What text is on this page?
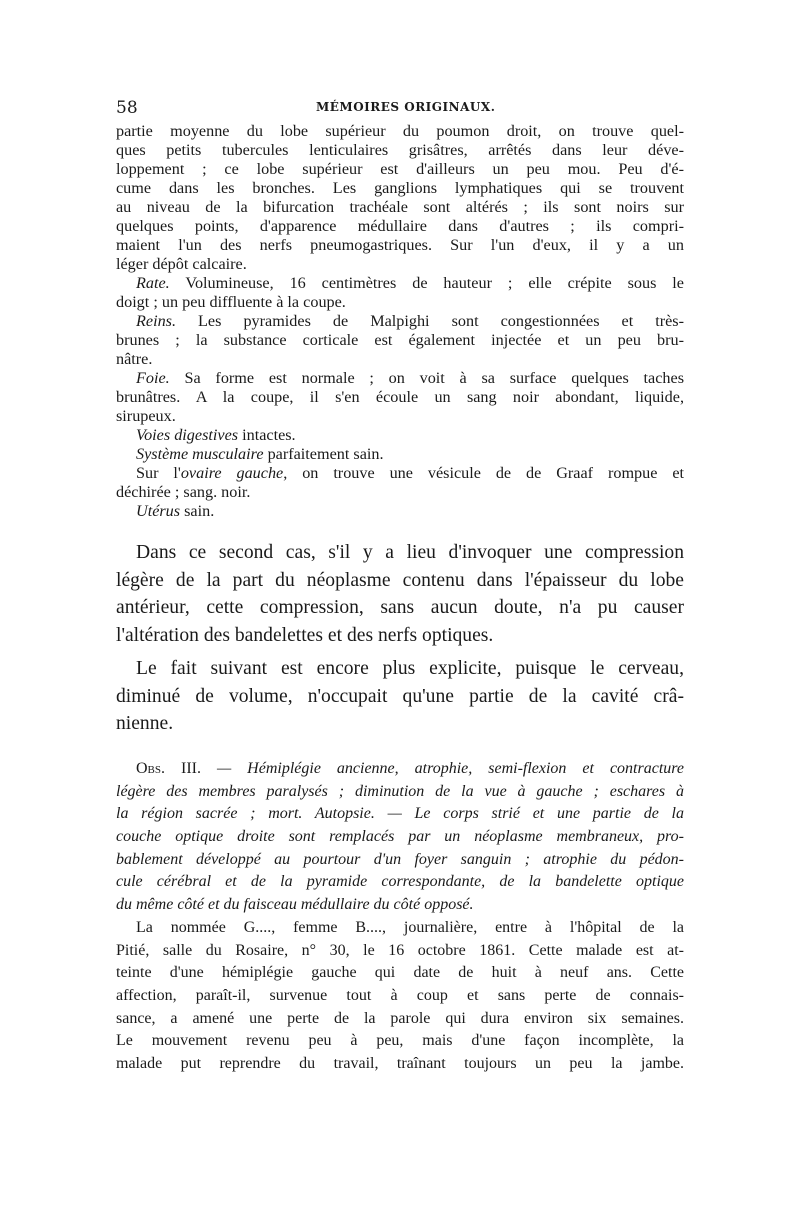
58	MÉMOIRES ORIGINAUX.
partie moyenne du lobe supérieur du poumon droit, on trouve quel-
ques petits tubercules lenticulaires grisâtres, arrêtés dans leur déve-
loppement ; ce lobe supérieur est d'ailleurs un peu mou. Peu d'é-
cume dans les bronches. Les ganglions lymphatiques qui se trouvent
au niveau de la bifurcation trachéale sont altérés ; ils sont noirs sur
quelques points, d'apparence médullaire dans d'autres ; ils compri-
maient l'un des nerfs pneumogastriques. Sur l'un d'eux, il y a un
léger dépôt calcaire.
Rate. Volumineuse, 16 centimètres de hauteur ; elle crépite sous le
doigt ; un peu diffluente à la coupe.
Reins. Les pyramides de Malpighi sont congestionnées et très-
brunes ; la substance corticale est également injectée et un peu bru-
nâtre.
Foie. Sa forme est normale ; on voit à sa surface quelques taches
brunâtres. A la coupe, il s'en écoule un sang noir abondant, liquide,
sirupeux.
Voies digestives intactes.
Système musculaire parfaitement sain.
Sur l'ovaire gauche, on trouve une vésicule de de Graaf rompue et
déchirée ; sang. noir.
Utérus sain.
Dans ce second cas, s'il y a lieu d'invoquer une compression
légère de la part du néoplasme contenu dans l'épaisseur du lobe
antérieur, cette compression, sans aucun doute, n'a pu causer
l'altération des bandelettes et des nerfs optiques.
Le fait suivant est encore plus explicite, puisque le cerveau,
diminué de volume, n'occupait qu'une partie de la cavité crâ-
nienne.
Obs. III. — Hémiplégie ancienne, atrophie, semi-flexion et contracture
légère des membres paralysés ; diminution de la vue à gauche ; eschares à
la région sacrée ; mort. Autopsie. — Le corps strié et une partie de la
couche optique droite sont remplacés par un néoplasme membraneux, pro-
bablement développé au pourtour d'un foyer sanguin ; atrophie du pédon-
cule cérébral et de la pyramide correspondante, de la bandelette optique
du même côté et du faisceau médullaire du côté opposé.
La nommée G...., femme B...., journalière, entre à l'hôpital de la
Pitié, salle du Rosaire, n° 30, le 16 octobre 1861. Cette malade est at-
teinte d'une hémiplégie gauche qui date de huit à neuf ans. Cette
affection, paraît-il, survenue tout à coup et sans perte de connais-
sance, a amené une perte de la parole qui dura environ six semaines.
Le mouvement revenu peu à peu, mais d'une façon incomplète, la
malade put reprendre du travail, traînant toujours un peu la jambe.
